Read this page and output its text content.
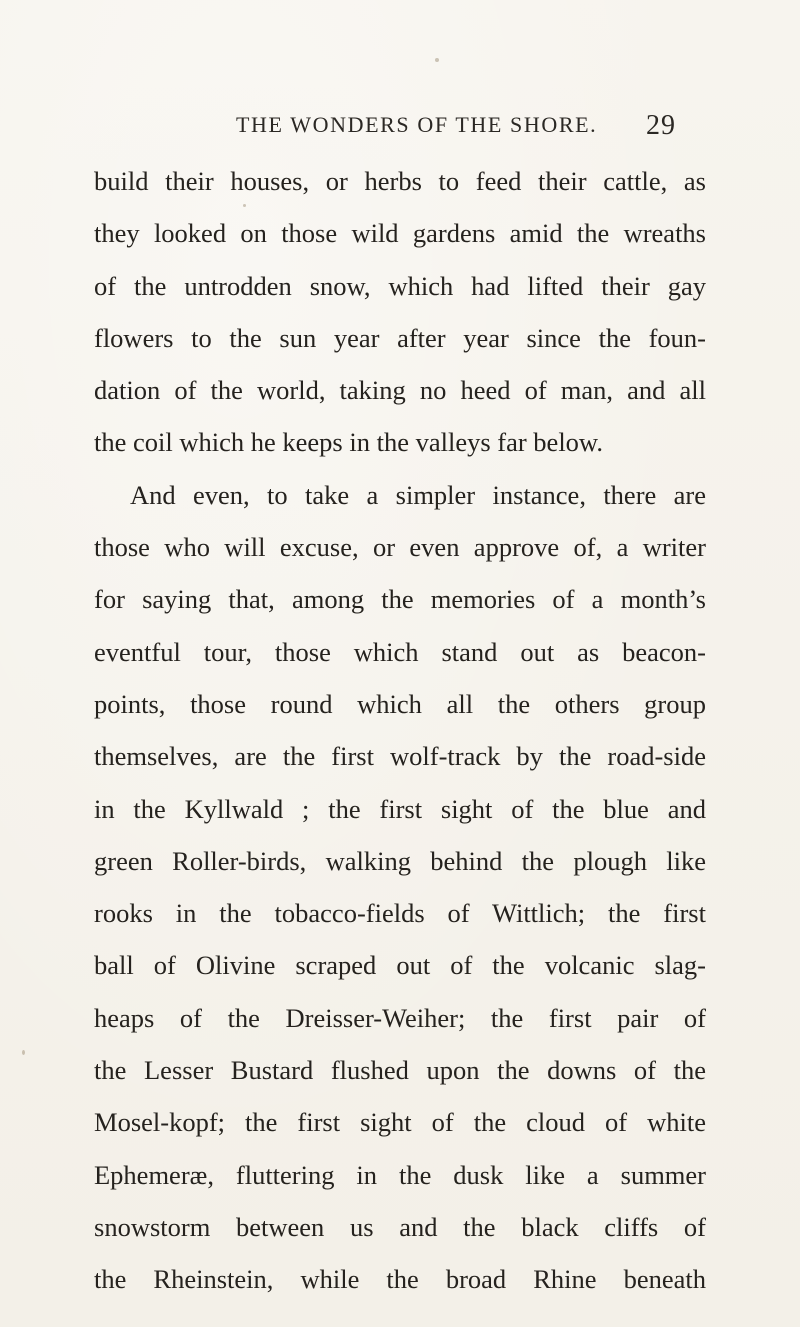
THE WONDERS OF THE SHORE. 29
build their houses, or herbs to feed their cattle, as
they looked on those wild gardens amid the wreaths
of the untrodden snow, which had lifted their gay
flowers to the sun year after year since the foun-
dation of the world, taking no heed of man, and all
the coil which he keeps in the valleys far below.
And even, to take a simpler instance, there are
those who will excuse, or even approve of, a writer
for saying that, among the memories of a month’s
eventful tour, those which stand out as beacon-
points, those round which all the others group
themselves, are the first wolf-track by the road-side
in the Kyllwald ; the first sight of the blue and
green Roller-birds, walking behind the plough like
rooks in the tobacco-fields of Wittlich; the first
ball of Olivine scraped out of the volcanic slag-
heaps of the Dreisser-Weiher; the first pair of
the Lesser Bustard flushed upon the downs of the
Mosel-kopf; the first sight of the cloud of white
Ephemeræ, fluttering in the dusk like a summer
snowstorm between us and the black cliffs of
the Rheinstein, while the broad Rhine beneath
